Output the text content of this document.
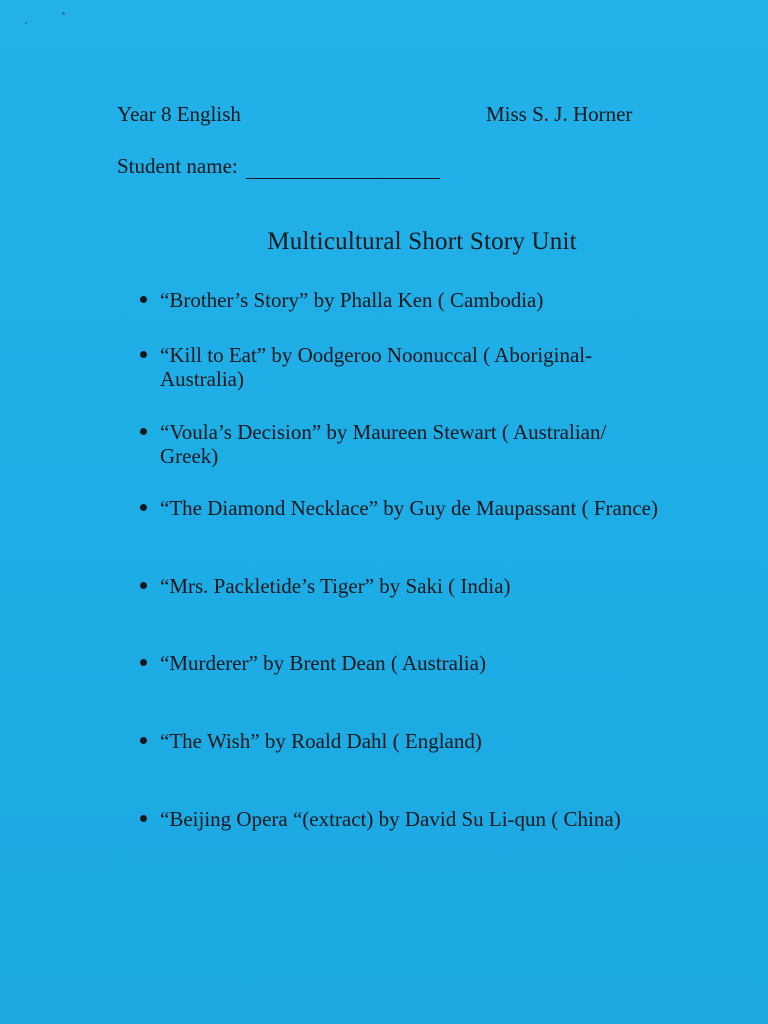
Year 8 English	Miss S. J. Horner
Student name:
Multicultural Short Story Unit
“Brother’s Story” by Phalla Ken ( Cambodia)
“Kill to Eat” by Oodgeroo Noonuccal ( Aboriginal-Australia)
“Voula’s Decision” by Maureen Stewart ( Australian/ Greek)
“The Diamond Necklace” by Guy de Maupassant ( France)
“Mrs. Packletide’s Tiger” by Saki ( India)
“Murderer” by Brent Dean ( Australia)
“The Wish” by Roald Dahl ( England)
“Beijing Opera “(extract) by David Su Li-qun ( China)
